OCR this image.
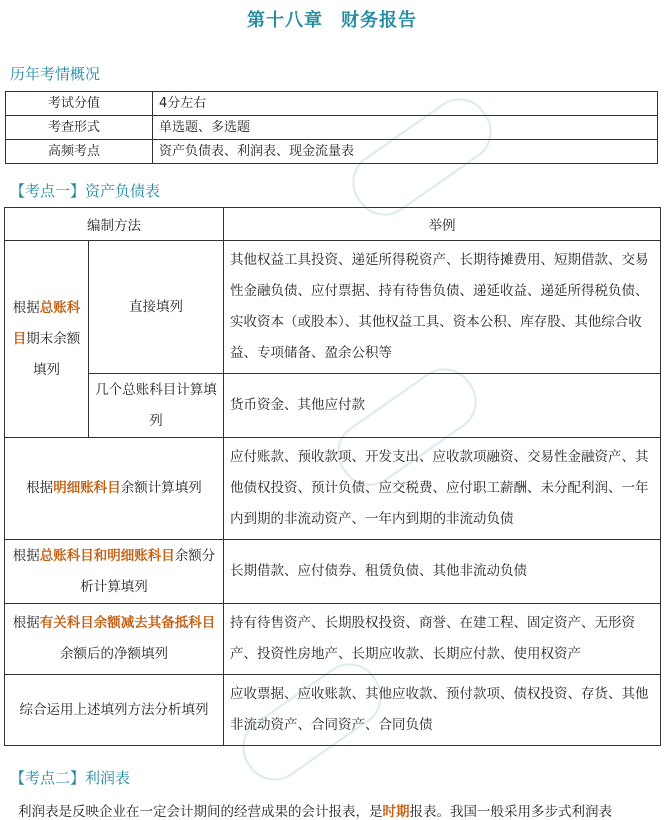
第十八章 财务报告
历年考情概况
考试分值	4分左右
考查形式	单选题、多选题
高频考点	资产负债表、利润表、现金流量表
【考点一】资产负债表
编制方法		举例
根据总账科目期末余额填列	直接填列	其他权益工具投资、递延所得税资产、长期待摊费用、短期借款、交易性金融负债、应付票据、持有待售负债、递延收益、递延所得税负债、实收资本（或股本）、其他权益工具、资本公积、库存股、其他综合收益、专项储备、盈余公积等
	几个总账科目计算填列	货币资金、其他应付款
根据明细账科目余额计算填列		应付账款、预收款项、开发支出、应收款项融资、交易性金融资产、其他债权投资、预计负债、应交税费、应付职工薪酬、未分配利润、一年内到期的非流动资产、一年内到期的非流动负债
根据总账科目和明细账科目余额分析计算填列		长期借款、应付债券、租赁负债、其他非流动负债
根据有关科目余额减去其备抵科目余额后的净额填列		持有待售资产、长期股权投资、商誉、在建工程、固定资产、无形资产、投资性房地产、长期应收款、长期应付款、使用权资产
综合运用上述填列方法分析填列		应收票据、应收账款、其他应收款、预付款项、债权投资、存货、其他非流动资产、合同资产、合同负债
【考点二】利润表
利润表是反映企业在一定会计期间的经营成果的会计报表，是时期报表。我国一般采用多步式利润表
